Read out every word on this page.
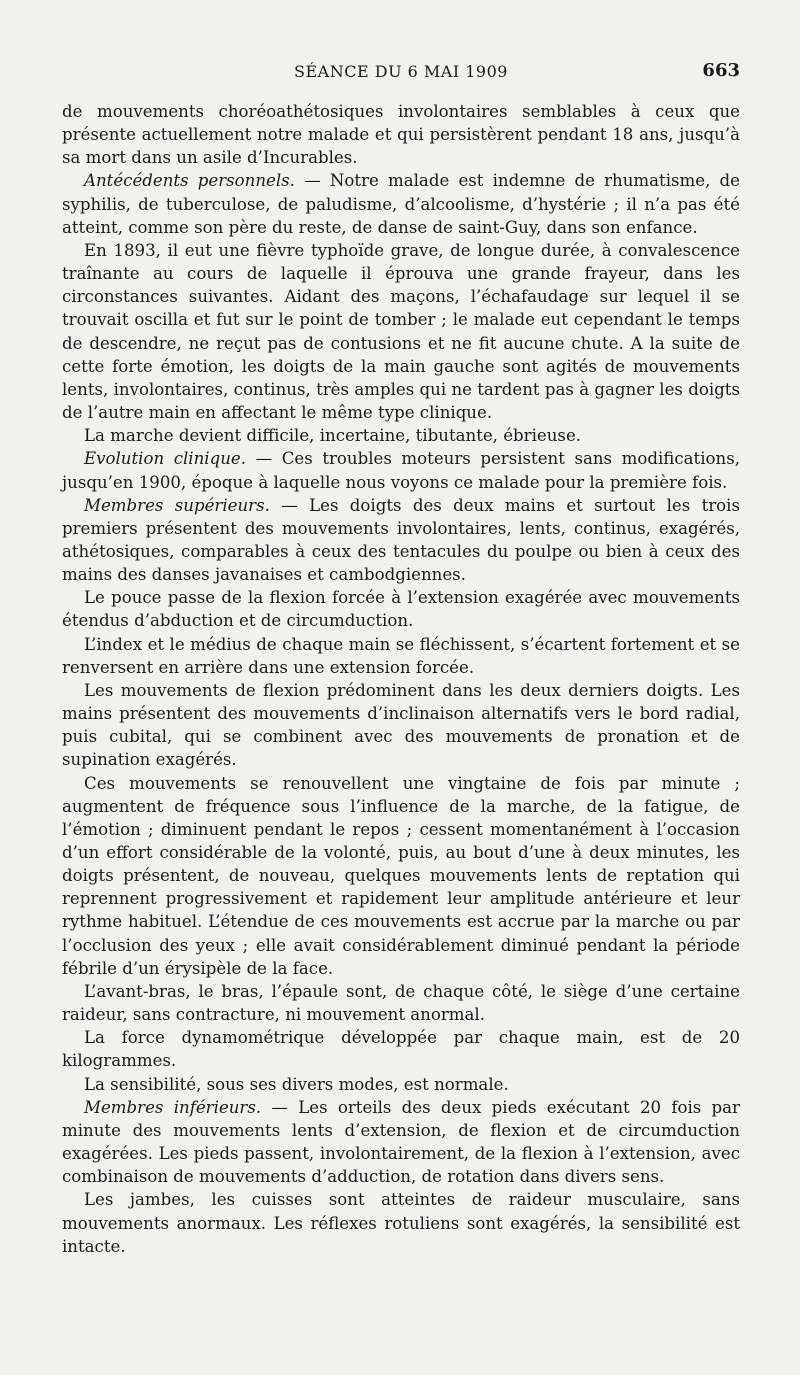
SÉANCE DU 6 MAI 1909	663

de mouvements choréoathétosiques involontaires semblables à ceux que présente actuellement notre malade et qui persistèrent pendant 18 ans, jusqu’à sa mort dans un asile d’Incurables.

Antécédents personnels. — Notre malade est indemne de rhumatisme, de syphilis, de tuberculose, de paludisme, d’alcoolisme, d’hystérie ; il n’a pas été atteint, comme son père du reste, de danse de saint-Guy, dans son enfance.

En 1893, il eut une fièvre typhoïde grave, de longue durée, à convalescence traînante au cours de laquelle il éprouva une grande frayeur, dans les circonstances suivantes. Aidant des maçons, l’échafaudage sur lequel il se trouvait oscilla et fut sur le point de tomber ; le malade eut cependant le temps de descendre, ne reçut pas de contusions et ne fit aucune chute. A la suite de cette forte émotion, les doigts de la main gauche sont agités de mouvements lents, involontaires, continus, très amples qui ne tardent pas à gagner les doigts de l’autre main en affectant le même type clinique.

La marche devient difficile, incertaine, tibutante, ébrieuse.

Evolution clinique. — Ces troubles moteurs persistent sans modifications, jusqu’en 1900, époque à laquelle nous voyons ce malade pour la première fois.

Membres supérieurs. — Les doigts des deux mains et surtout les trois premiers présentent des mouvements involontaires, lents, continus, exagérés, athétosiques, comparables à ceux des tentacules du poulpe ou bien à ceux des mains des danses javanaises et cambodgiennes.

Le pouce passe de la flexion forcée à l’extension exagérée avec mouvements étendus d’abduction et de circumduction.

L’index et le médius de chaque main se fléchissent, s’écartent fortement et se renversent en arrière dans une extension forcée.

Les mouvements de flexion prédominent dans les deux derniers doigts. Les mains présentent des mouvements d’inclinaison alternatifs vers le bord radial, puis cubital, qui se combinent avec des mouvements de pronation et de supination exagérés.

Ces mouvements se renouvellent une vingtaine de fois par minute ; augmentent de fréquence sous l’influence de la marche, de la fatigue, de l’émotion ; diminuent pendant le repos ; cessent momentanément à l’occasion d’un effort considérable de la volonté, puis, au bout d’une à deux minutes, les doigts présentent, de nouveau, quelques mouvements lents de reptation qui reprennent progressivement et rapidement leur amplitude antérieure et leur rythme habituel. L’étendue de ces mouvements est accrue par la marche ou par l’occlusion des yeux ; elle avait considérablement diminué pendant la période fébrile d’un érysipèle de la face.

L’avant-bras, le bras, l’épaule sont, de chaque côté, le siège d’une certaine raideur, sans contracture, ni mouvement anormal.

La force dynamométrique développée par chaque main, est de 20 kilogrammes.

La sensibilité, sous ses divers modes, est normale.

Membres inférieurs. — Les orteils des deux pieds exécutant 20 fois par minute des mouvements lents d’extension, de flexion et de circumduction exagérées. Les pieds passent, involontairement, de la flexion à l’extension, avec combinaison de mouvements d’adduction, de rotation dans divers sens.

Les jambes, les cuisses sont atteintes de raideur musculaire, sans mouvements anormaux. Les réflexes rotuliens sont exagérés, la sensibilité est intacte.
